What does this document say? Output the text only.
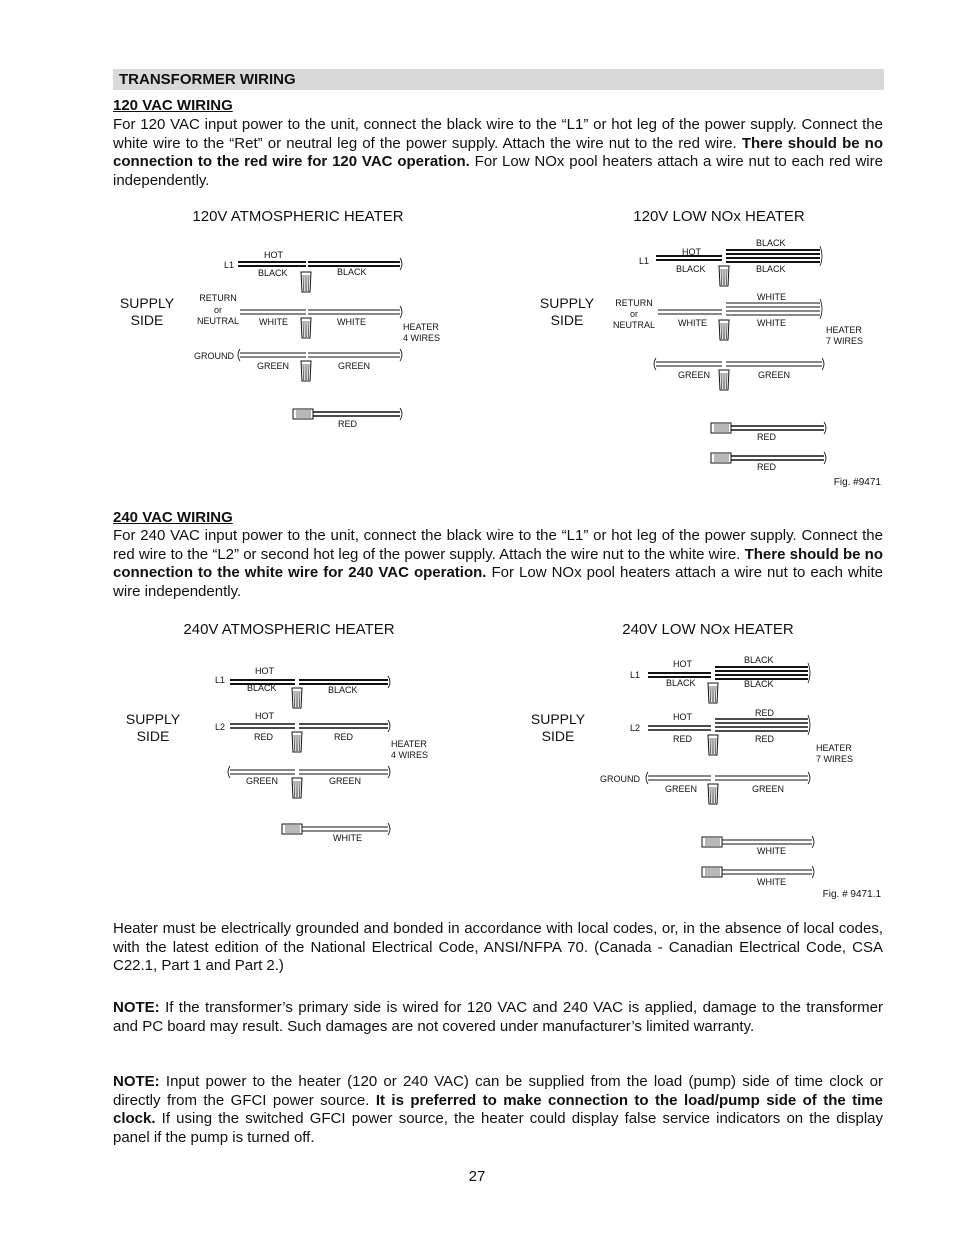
TRANSFORMER WIRING
120 VAC WIRING
For 120 VAC input power to the unit, connect the black wire to the “L1” or hot leg of the power supply. Connect the white wire to the “Ret” or neutral leg of the power supply. Attach the wire nut to the red wire. There should be no connection to the red wire for 120 VAC operation. For Low NOx pool heaters attach a wire nut to each red wire independently.
120V ATMOSPHERIC HEATER
SUPPLY
SIDE
HOT
L1
BLACK	BLACK
RETURN
or
NEUTRAL WHITE	WHITE	HEATER
4 WIRES
GROUND
GREEN	GREEN
RED
120V LOW NOx HEATER
SUPPLY
SIDE
BLACK
HOT
L1
BLACK	BLACK
WHITE
RETURN
or
NEUTRAL	WHITE	WHITE
HEATER
7 WIRES
GREEN	GREEN
RED
RED
Fig. #9471
240 VAC WIRING
For 240 VAC input power to the unit, connect the black wire to the “L1” or hot leg of the power supply. Connect the red wire to the “L2” or second hot leg of the power supply. Attach the wire nut to the white wire. There should be no connection to the white wire for 240 VAC operation. For Low NOx pool heaters attach a wire nut to each white wire independently.
240V ATMOSPHERIC HEATER
SUPPLY
SIDE
HOT
L1
BLACK	BLACK
HOT
L2
RED	RED
HEATER
4 WIRES
GREEN	GREEN
WHITE
240V LOW NOx HEATER
SUPPLY
SIDE
BLACK
HOT
L1
BLACK	BLACK
RED
HOT
L2
RED	RED
HEATER
7 WIRES
GROUND
GREEN	GREEN
WHITE
WHITE
Fig. # 9471.1
Heater must be electrically grounded and bonded in accordance with local codes, or, in the absence of local codes, with the latest edition of the National Electrical Code, ANSI/NFPA 70. (Canada - Canadian Electrical Code, CSA C22.1, Part 1 and Part 2.)
NOTE: If the transformer’s primary side is wired for 120 VAC and 240 VAC is applied, damage to the transformer and PC board may result. Such damages are not covered under manufacturer’s limited warranty.
NOTE: Input power to the heater (120 or 240 VAC) can be supplied from the load (pump) side of time clock or directly from the GFCI power source. It is preferred to make connection to the load/pump side of the time clock. If using the switched GFCI power source, the heater could display false service indicators on the display panel if the pump is turned off.
27
